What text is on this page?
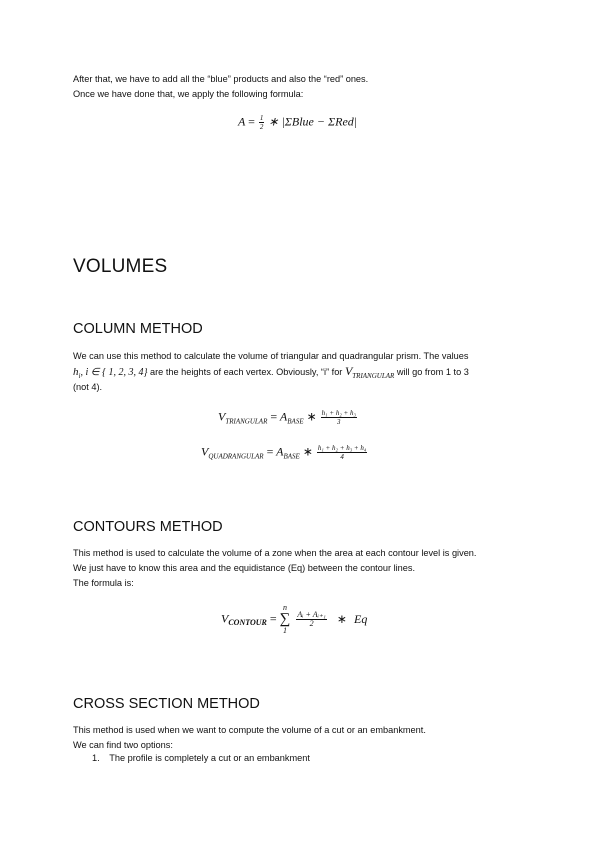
After that, we have to add all the “blue” products and also the “red” ones.
Once we have done that, we apply the following formula:
$A = \frac{1}{2}$ ∗ |ΣBlue − ΣRed|
VOLUMES
COLUMN METHOD
We can use this method to calculate the volume of triangular and quadrangular prism. The values
$h_i$, i ∈ { 1, 2, 3, 4} are the heights of each vertex. Obviously, “i” for $V_{TRIANGULAR}$ will go from 1 to 3
(not 4).
$V_{TRIANGULAR} = A_{BASE}$ ∗ $\frac{\text{h₁ + h₂ + h₃}}{3}$
$V_{QUADRANGULAR} = A_{BASE}$ ∗ $\frac{\text{h₁ + h₂ + h₃ + h₄}}{4}$
CONTOURS METHOD
This method is used to calculate the volume of a zone when the area at each contour level is given.
We just have to know this area and the equidistance (Eq) between the contour lines.
The formula is:
$V_{CONTOUR}$ =
n
∑
1

$\frac{\text{Aᵢ + Aᵢ₊₁}}{2}$ ∗ Eq
CROSS SECTION METHOD
This method is used when we want to compute the volume of a cut or an embankment.
We can find two options:
1. The profile is completely a cut or an embankment
